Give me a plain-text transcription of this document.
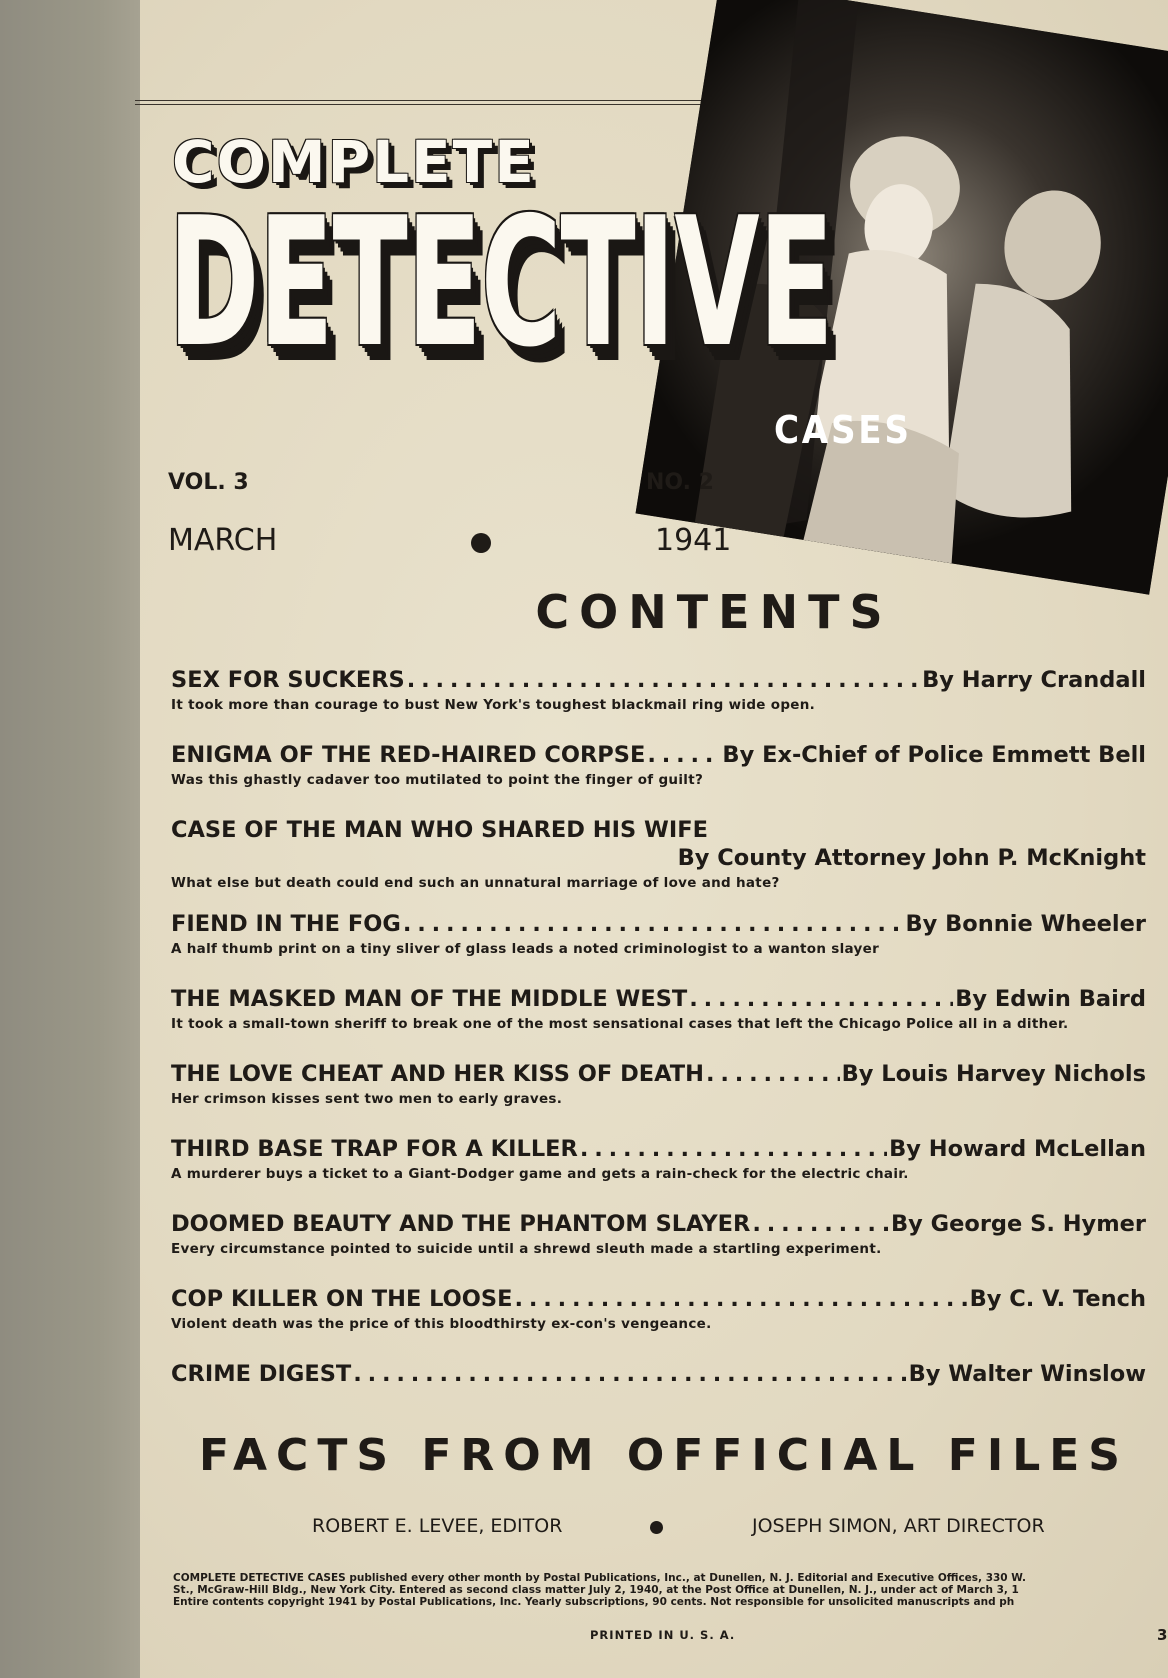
COMPLETE
DETECTIVE
CASES
VOL. 3	NO. 2
MARCH	1941
CONTENTS
SEX FOR SUCKERS . . .	By Harry Crandall
It took more than courage to bust New York's toughest blackmail ring wide open.
ENIGMA OF THE RED-HAIRED CORPSE . . .	By Ex-Chief of Police Emmett Bell
Was this ghastly cadaver too mutilated to point the finger of guilt?
CASE OF THE MAN WHO SHARED HIS WIFE
By County Attorney John P. McKnight
What else but death could end such an unnatural marriage of love and hate?
FIEND IN THE FOG . . .	By Bonnie Wheeler
A half thumb print on a tiny sliver of glass leads a noted criminologist to a wanton slayer
THE MASKED MAN OF THE MIDDLE WEST . . .	By Edwin Baird
It took a small-town sheriff to break one of the most sensational cases that left the Chicago Police all in a dither.
THE LOVE CHEAT AND HER KISS OF DEATH . . .	By Louis Harvey Nichols
Her crimson kisses sent two men to early graves.
THIRD BASE TRAP FOR A KILLER . . .	By Howard McLellan
A murderer buys a ticket to a Giant-Dodger game and gets a rain-check for the electric chair.
DOOMED BEAUTY AND THE PHANTOM SLAYER . . .	By George S. Hymer
Every circumstance pointed to suicide until a shrewd sleuth made a startling experiment.
COP KILLER ON THE LOOSE . . .	By C. V. Tench
Violent death was the price of this bloodthirsty ex-con's vengeance.
CRIME DIGEST . . .	By Walter Winslow
FACTS FROM OFFICIAL FILES
ROBERT E. LEVEE, EDITOR	JOSEPH SIMON, ART DIRECTOR
COMPLETE DETECTIVE CASES published every other month by Postal Publications, Inc., at Dunellen, N. J. Editorial and Executive Offices, 330 W.
St., McGraw-Hill Bldg., New York City. Entered as second class matter July 2, 1940, at the Post Office at Dunellen, N. J., under act of March 3, 1
Entire contents copyright 1941 by Postal Publications, Inc. Yearly subscriptions, 90 cents. Not responsible for unsolicited manuscripts and ph
PRINTED IN U. S. A.	3
